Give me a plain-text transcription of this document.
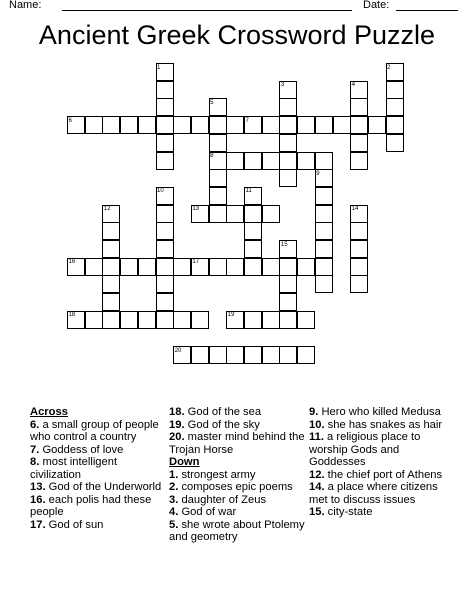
Name:	Date:
Ancient Greek Crossword Puzzle
1	2
3	4
5
6	7
8
9
10	11
12	13	14
15
16	17
18	19
20
Across
6. a small group of people who control a country
7. Goddess of love
8. most intelligent civilization
13. God of the Underworld
16. each polis had these people
17. God of sun
18. God of the sea
19. God of the sky
20. master mind behind the Trojan Horse
Down
1. strongest army
2. composes epic poems
3. daughter of Zeus
4. God of war
5. she wrote about Ptolemy and geometry
9. Hero who killed Medusa
10. she has snakes as hair
11. a religious place to worship Gods and Goddesses
12. the chief port of Athens
14. a place where citizens met to discuss issues
15. city-state
